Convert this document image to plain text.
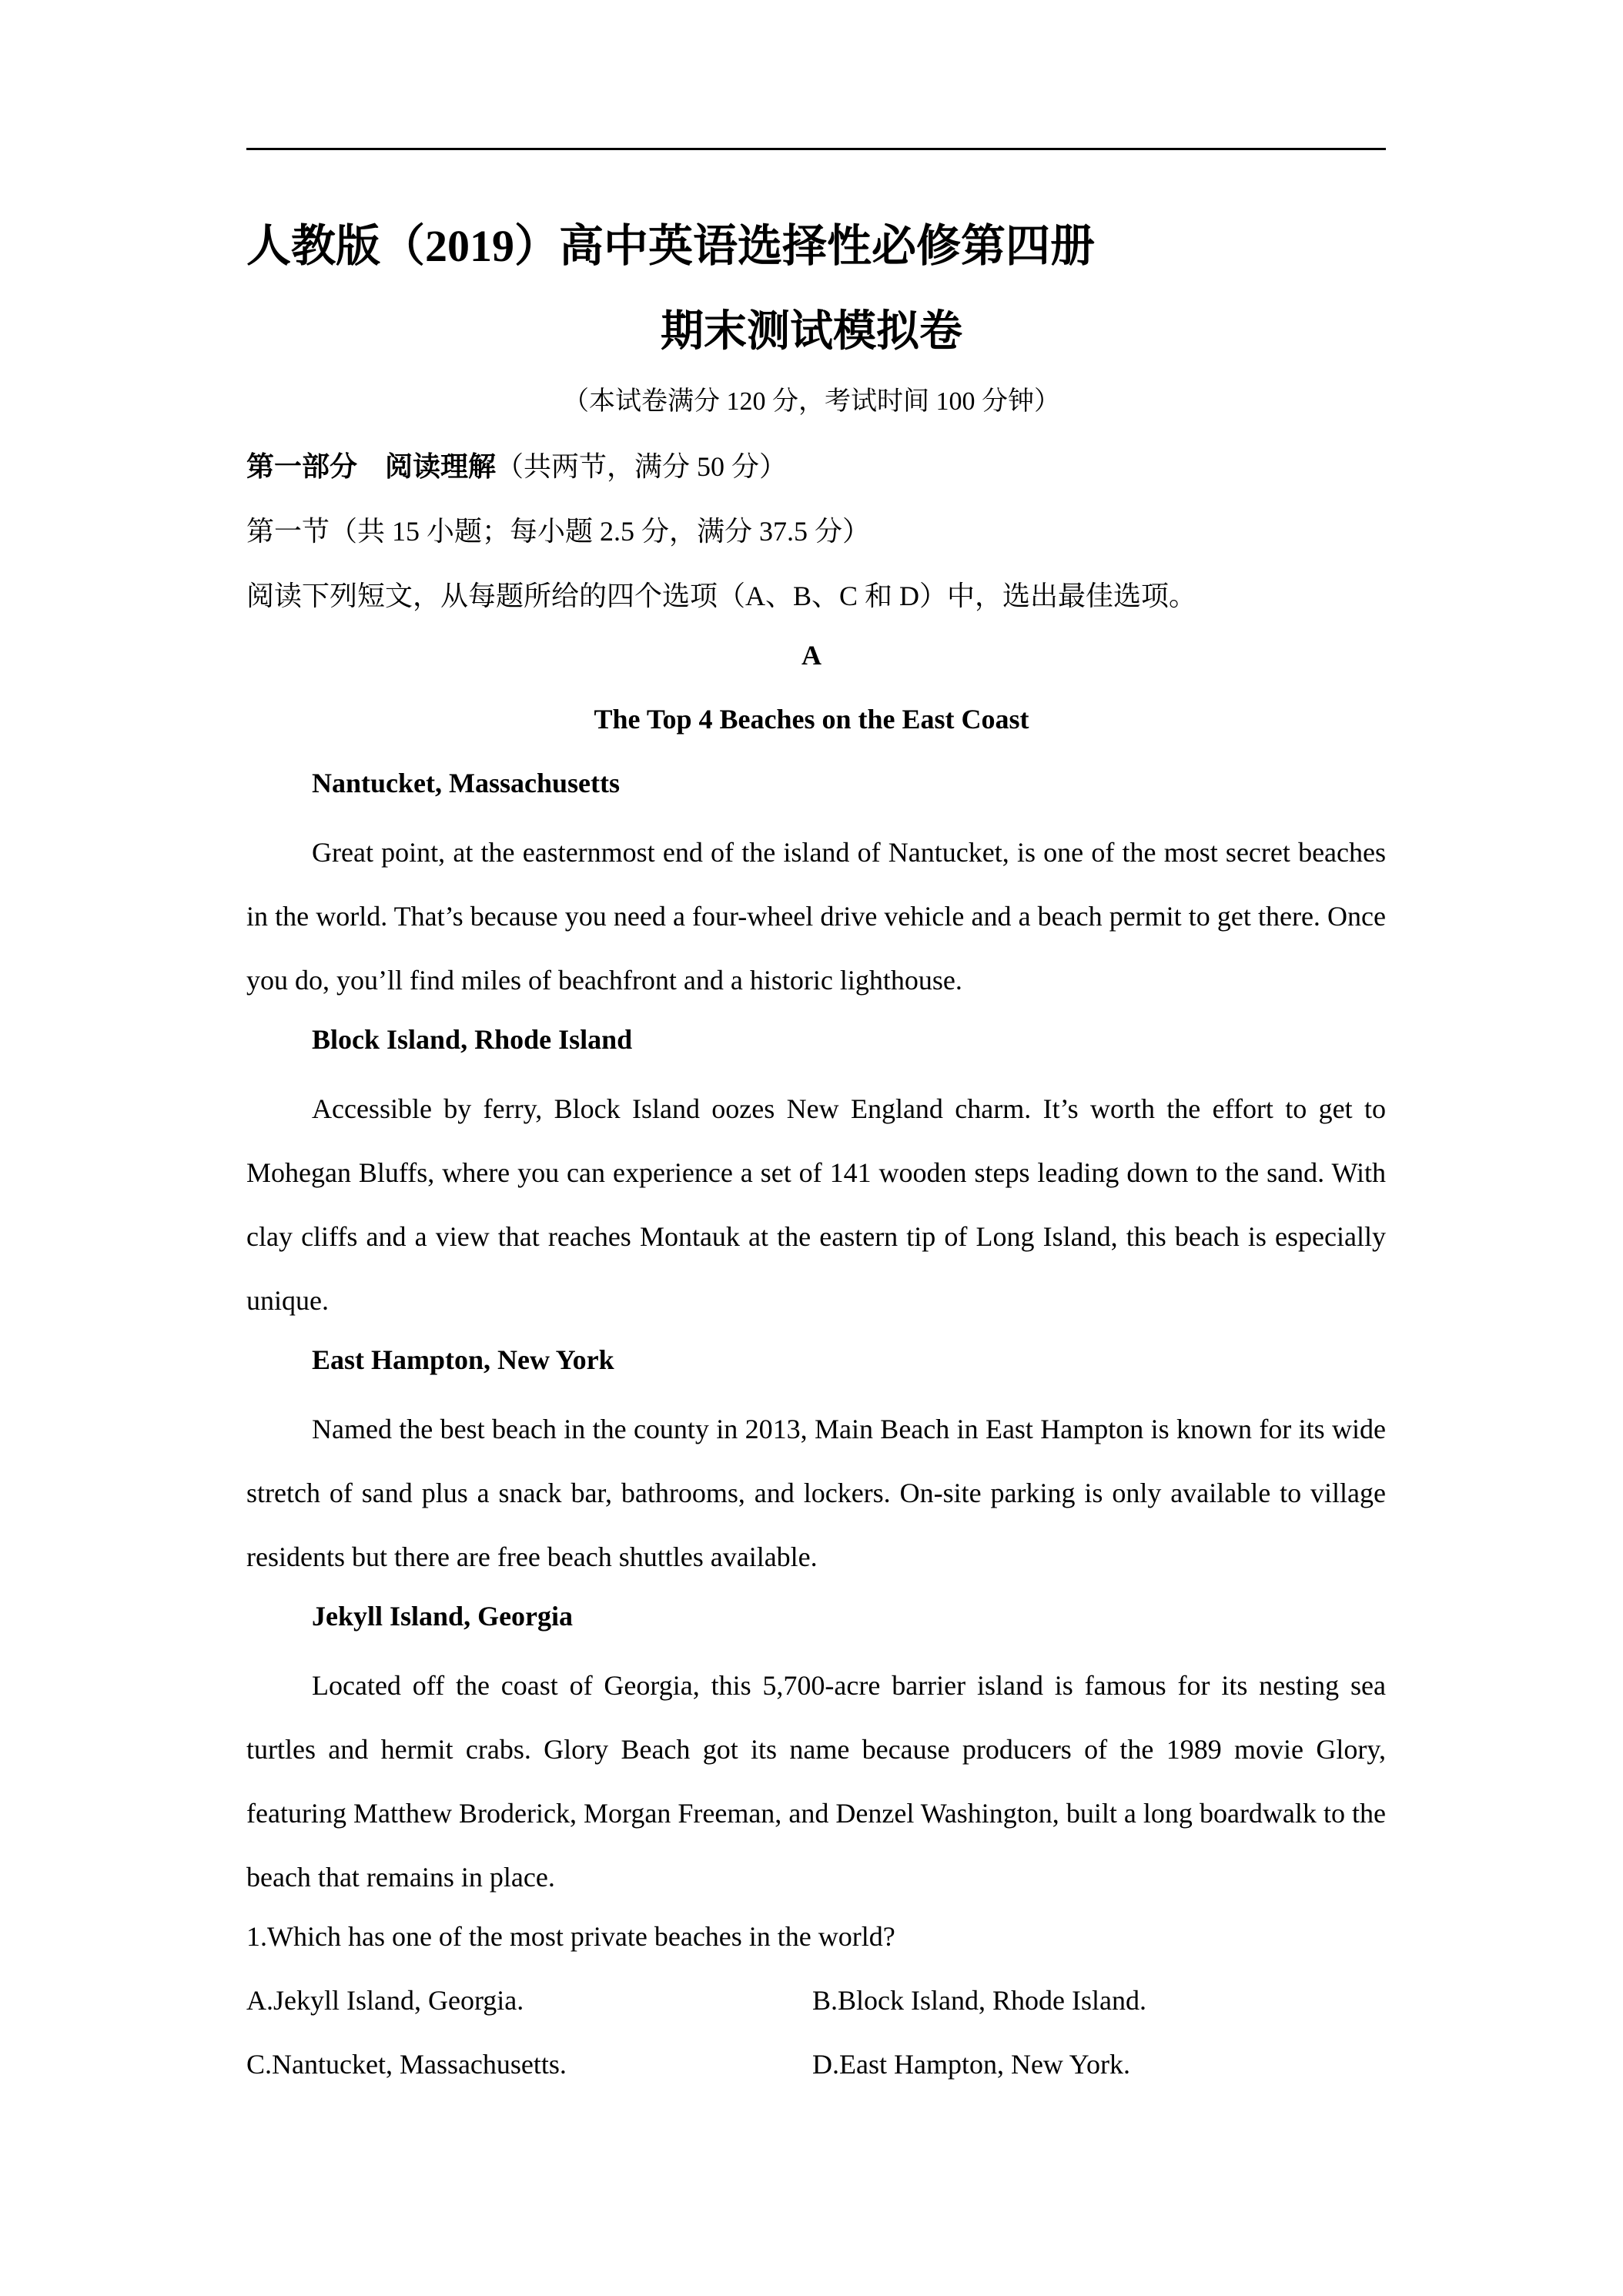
人教版（2019）高中英语选择性必修第四册
期末测试模拟卷
（本试卷满分 120 分，考试时间 100 分钟）
第一部分　阅读理解（共两节，满分 50 分）
第一节（共 15 小题；每小题 2.5 分，满分 37.5 分）
阅读下列短文，从每题所给的四个选项（A、B、C 和 D）中，选出最佳选项。
A
The Top 4 Beaches on the East Coast
Nantucket, Massachusetts
Great point, at the easternmost end of the island of Nantucket, is one of the most secret beaches in the world. That’s because you need a four-wheel drive vehicle and a beach permit to get there. Once you do, you’ll find miles of beachfront and a historic lighthouse.
Block Island, Rhode Island
Accessible by ferry, Block Island oozes New England charm. It’s worth the effort to get to Mohegan Bluffs, where you can experience a set of 141 wooden steps leading down to the sand. With clay cliffs and a view that reaches Montauk at the eastern tip of Long Island, this beach is especially unique.
East Hampton, New York
Named the best beach in the county in 2013, Main Beach in East Hampton is known for its wide stretch of sand plus a snack bar, bathrooms, and lockers. On-site parking is only available to village residents but there are free beach shuttles available.
Jekyll Island, Georgia
Located off the coast of Georgia, this 5,700-acre barrier island is famous for its nesting sea turtles and hermit crabs. Glory Beach got its name because producers of the 1989 movie Glory, featuring Matthew Broderick, Morgan Freeman, and Denzel Washington, built a long boardwalk to the beach that remains in place.
1.Which has one of the most private beaches in the world?
A.Jekyll Island, Georgia.	B.Block Island, Rhode Island.
C.Nantucket, Massachusetts.	D.East Hampton, New York.
